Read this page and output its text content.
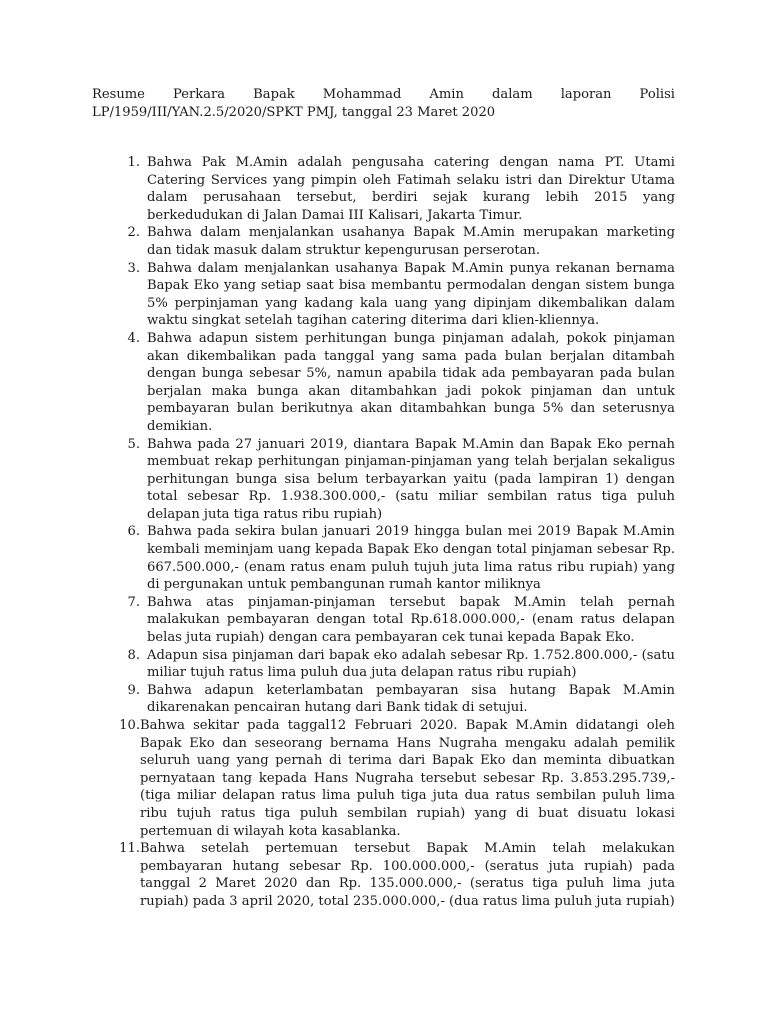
Resume Perkara Bapak Mohammad Amin dalam laporan Polisi LP/1959/III/YAN.2.5/2020/SPKT PMJ, tanggal 23 Maret 2020
1. Bahwa Pak M.Amin adalah pengusaha catering dengan nama PT. Utami Catering Services yang pimpin oleh Fatimah selaku istri dan Direktur Utama dalam perusahaan tersebut, berdiri sejak kurang lebih 2015 yang berkedudukan di Jalan Damai III Kalisari, Jakarta Timur.
2. Bahwa dalam menjalankan usahanya Bapak M.Amin merupakan marketing dan tidak masuk dalam struktur kepengurusan perserotan.
3. Bahwa dalam menjalankan usahanya Bapak M.Amin punya rekanan bernama Bapak Eko yang setiap saat bisa membantu permodalan dengan sistem bunga 5% perpinjaman yang kadang kala uang yang dipinjam dikembalikan dalam waktu singkat setelah tagihan catering diterima dari klien-kliennya.
4. Bahwa adapun sistem perhitungan bunga pinjaman adalah, pokok pinjaman akan dikembalikan pada tanggal yang sama pada bulan berjalan ditambah dengan bunga sebesar 5%, namun apabila tidak ada pembayaran pada bulan berjalan maka bunga akan ditambahkan jadi pokok pinjaman dan untuk pembayaran bulan berikutnya akan ditambahkan bunga 5% dan seterusnya demikian.
5. Bahwa pada 27 januari 2019, diantara Bapak M.Amin dan Bapak Eko pernah membuat rekap perhitungan pinjaman-pinjaman yang telah berjalan sekaligus perhitungan bunga sisa belum terbayarkan yaitu (pada lampiran 1) dengan total sebesar Rp. 1.938.300.000,- (satu miliar sembilan ratus tiga puluh delapan juta tiga ratus ribu rupiah)
6. Bahwa pada sekira bulan januari 2019 hingga bulan mei 2019 Bapak M.Amin kembali meminjam uang kepada Bapak Eko dengan total pinjaman sebesar Rp. 667.500.000,- (enam ratus enam puluh tujuh juta lima ratus ribu rupiah) yang di pergunakan untuk pembangunan rumah kantor miliknya
7. Bahwa atas pinjaman-pinjaman tersebut bapak M.Amin telah pernah malakukan pembayaran dengan total Rp.618.000.000,- (enam ratus delapan belas juta rupiah) dengan cara pembayaran cek tunai kepada Bapak Eko.
8. Adapun sisa pinjaman dari bapak eko adalah sebesar Rp. 1.752.800.000,- (satu miliar tujuh ratus lima puluh dua juta delapan ratus ribu rupiah)
9. Bahwa adapun keterlambatan pembayaran sisa hutang Bapak M.Amin dikarenakan pencairan hutang dari Bank tidak di setujui.
10. Bahwa sekitar pada taggal12 Februari 2020. Bapak M.Amin didatangi oleh Bapak Eko dan seseorang bernama Hans Nugraha mengaku adalah pemilik seluruh uang yang pernah di terima dari Bapak Eko dan meminta dibuatkan pernyataan tang kepada Hans Nugraha tersebut sebesar Rp. 3.853.295.739,- (tiga miliar delapan ratus lima puluh tiga juta dua ratus sembilan puluh lima ribu tujuh ratus tiga puluh sembilan rupiah) yang di buat disuatu lokasi pertemuan di wilayah kota kasablanka.
11. Bahwa setelah pertemuan tersebut Bapak M.Amin telah melakukan pembayaran hutang sebesar Rp. 100.000.000,- (seratus juta rupiah) pada tanggal 2 Maret 2020 dan Rp. 135.000.000,- (seratus tiga puluh lima juta rupiah) pada 3 april 2020, total 235.000.000,- (dua ratus lima puluh juta rupiah)
